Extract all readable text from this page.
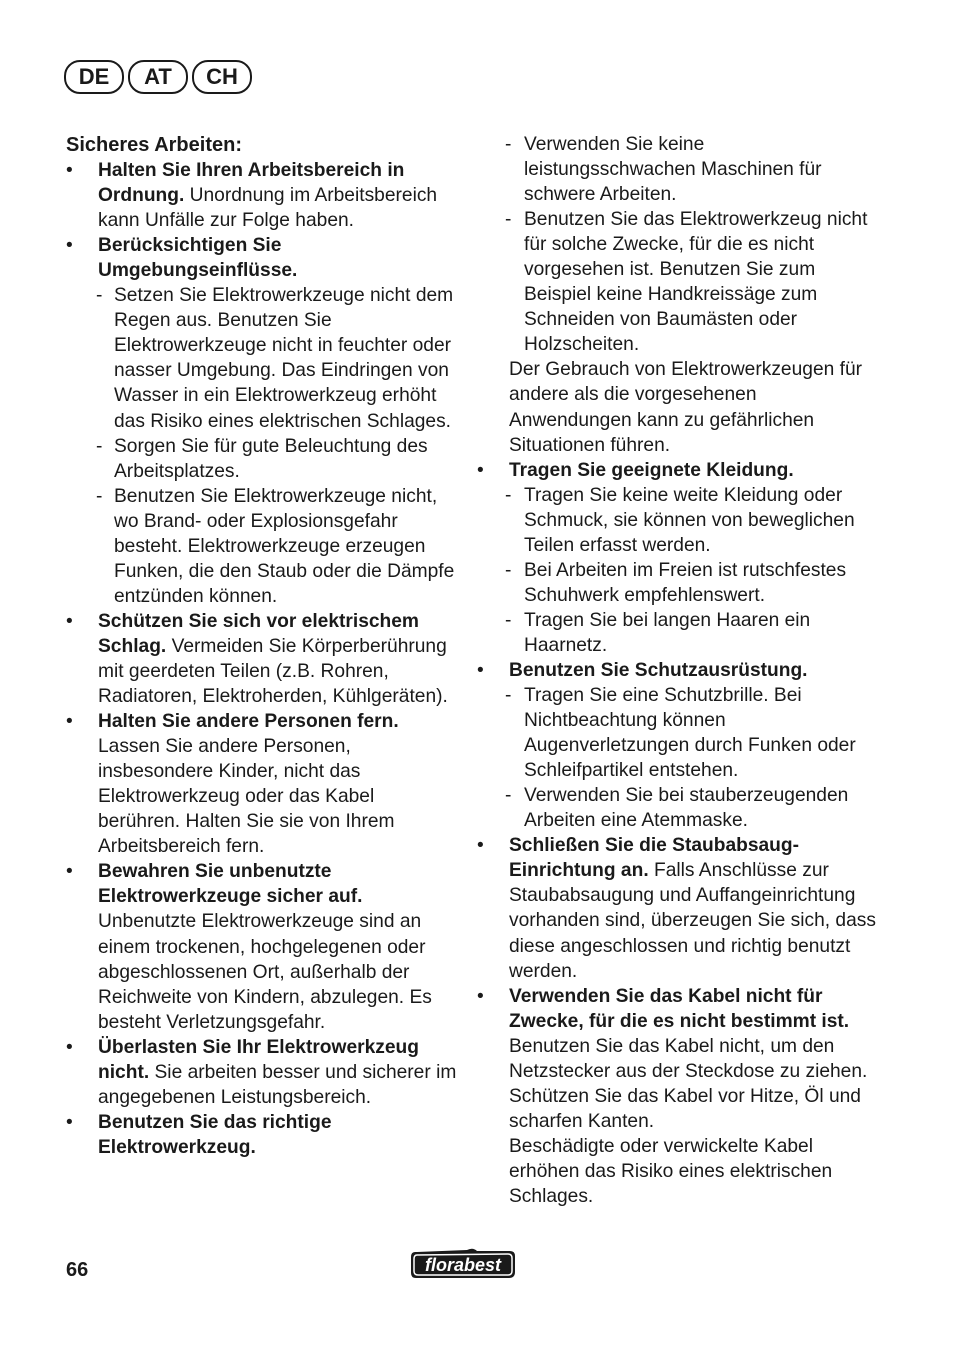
DE	AT	CH
Sicheres Arbeiten:
• Halten Sie Ihren Arbeitsbereich in Ordnung. Unordnung im Arbeitsbereich kann Unfälle zur Folge haben.
• Berücksichtigen Sie Umgebungseinflüsse.
- Setzen Sie Elektrowerkzeuge nicht dem Regen aus. Benutzen Sie Elektrowerkzeuge nicht in feuchter oder nasser Umgebung. Das Eindringen von Wasser in ein Elektrowerkzeug erhöht das Risiko eines elektrischen Schlages.
- Sorgen Sie für gute Beleuchtung des Arbeitsplatzes.
- Benutzen Sie Elektrowerkzeuge nicht, wo Brand- oder Explosionsgefahr besteht. Elektrowerkzeuge erzeugen Funken, die den Staub oder die Dämpfe entzünden können.
• Schützen Sie sich vor elektrischem Schlag. Vermeiden Sie Körperberührung mit geerdeten Teilen (z.B. Rohren, Radiatoren, Elektroherden, Kühlgeräten).
• Halten Sie andere Personen fern. Lassen Sie andere Personen, insbesondere Kinder, nicht das Elektrowerkzeug oder das Kabel berühren. Halten Sie sie von Ihrem Arbeitsbereich fern.
• Bewahren Sie unbenutzte Elektrowerkzeuge sicher auf. Unbenutzte Elektrowerkzeuge sind an einem trockenen, hochgelegenen oder abgeschlossenen Ort, außerhalb der Reichweite von Kindern, abzulegen. Es besteht Verletzungsgefahr.
• Überlasten Sie Ihr Elektrowerkzeug nicht. Sie arbeiten besser und sicherer im angegebenen Leistungsbereich.
• Benutzen Sie das richtige Elektrowerkzeug.
- Verwenden Sie keine leistungsschwachen Maschinen für schwere Arbeiten.
- Benutzen Sie das Elektrowerkzeug nicht für solche Zwecke, für die es nicht vorgesehen ist. Benutzen Sie zum Beispiel keine Handkreissäge zum Schneiden von Baumästen oder Holzscheiten.
Der Gebrauch von Elektrowerkzeugen für andere als die vorgesehenen Anwendungen kann zu gefährlichen Situationen führen.
• Tragen Sie geeignete Kleidung.
- Tragen Sie keine weite Kleidung oder Schmuck, sie können von beweglichen Teilen erfasst werden.
- Bei Arbeiten im Freien ist rutschfestes Schuhwerk empfehlenswert.
- Tragen Sie bei langen Haaren ein Haarnetz.
• Benutzen Sie Schutzausrüstung.
- Tragen Sie eine Schutzbrille. Bei Nichtbeachtung können Augenverletzungen durch Funken oder Schleifpartikel entstehen.
- Verwenden Sie bei stauberzeugenden Arbeiten eine Atemmaske.
• Schließen Sie die Staubabsaug-Einrichtung an. Falls Anschlüsse zur Staubabsaugung und Auffangeinrichtung vorhanden sind, überzeugen Sie sich, dass diese angeschlossen und richtig benutzt werden.
• Verwenden Sie das Kabel nicht für Zwecke, für die es nicht bestimmt ist. Benutzen Sie das Kabel nicht, um den Netzstecker aus der Steckdose zu ziehen. Schützen Sie das Kabel vor Hitze, Öl und scharfen Kanten.
Beschädigte oder verwickelte Kabel erhöhen das Risiko eines elektrischen Schlages.
66	florabest
